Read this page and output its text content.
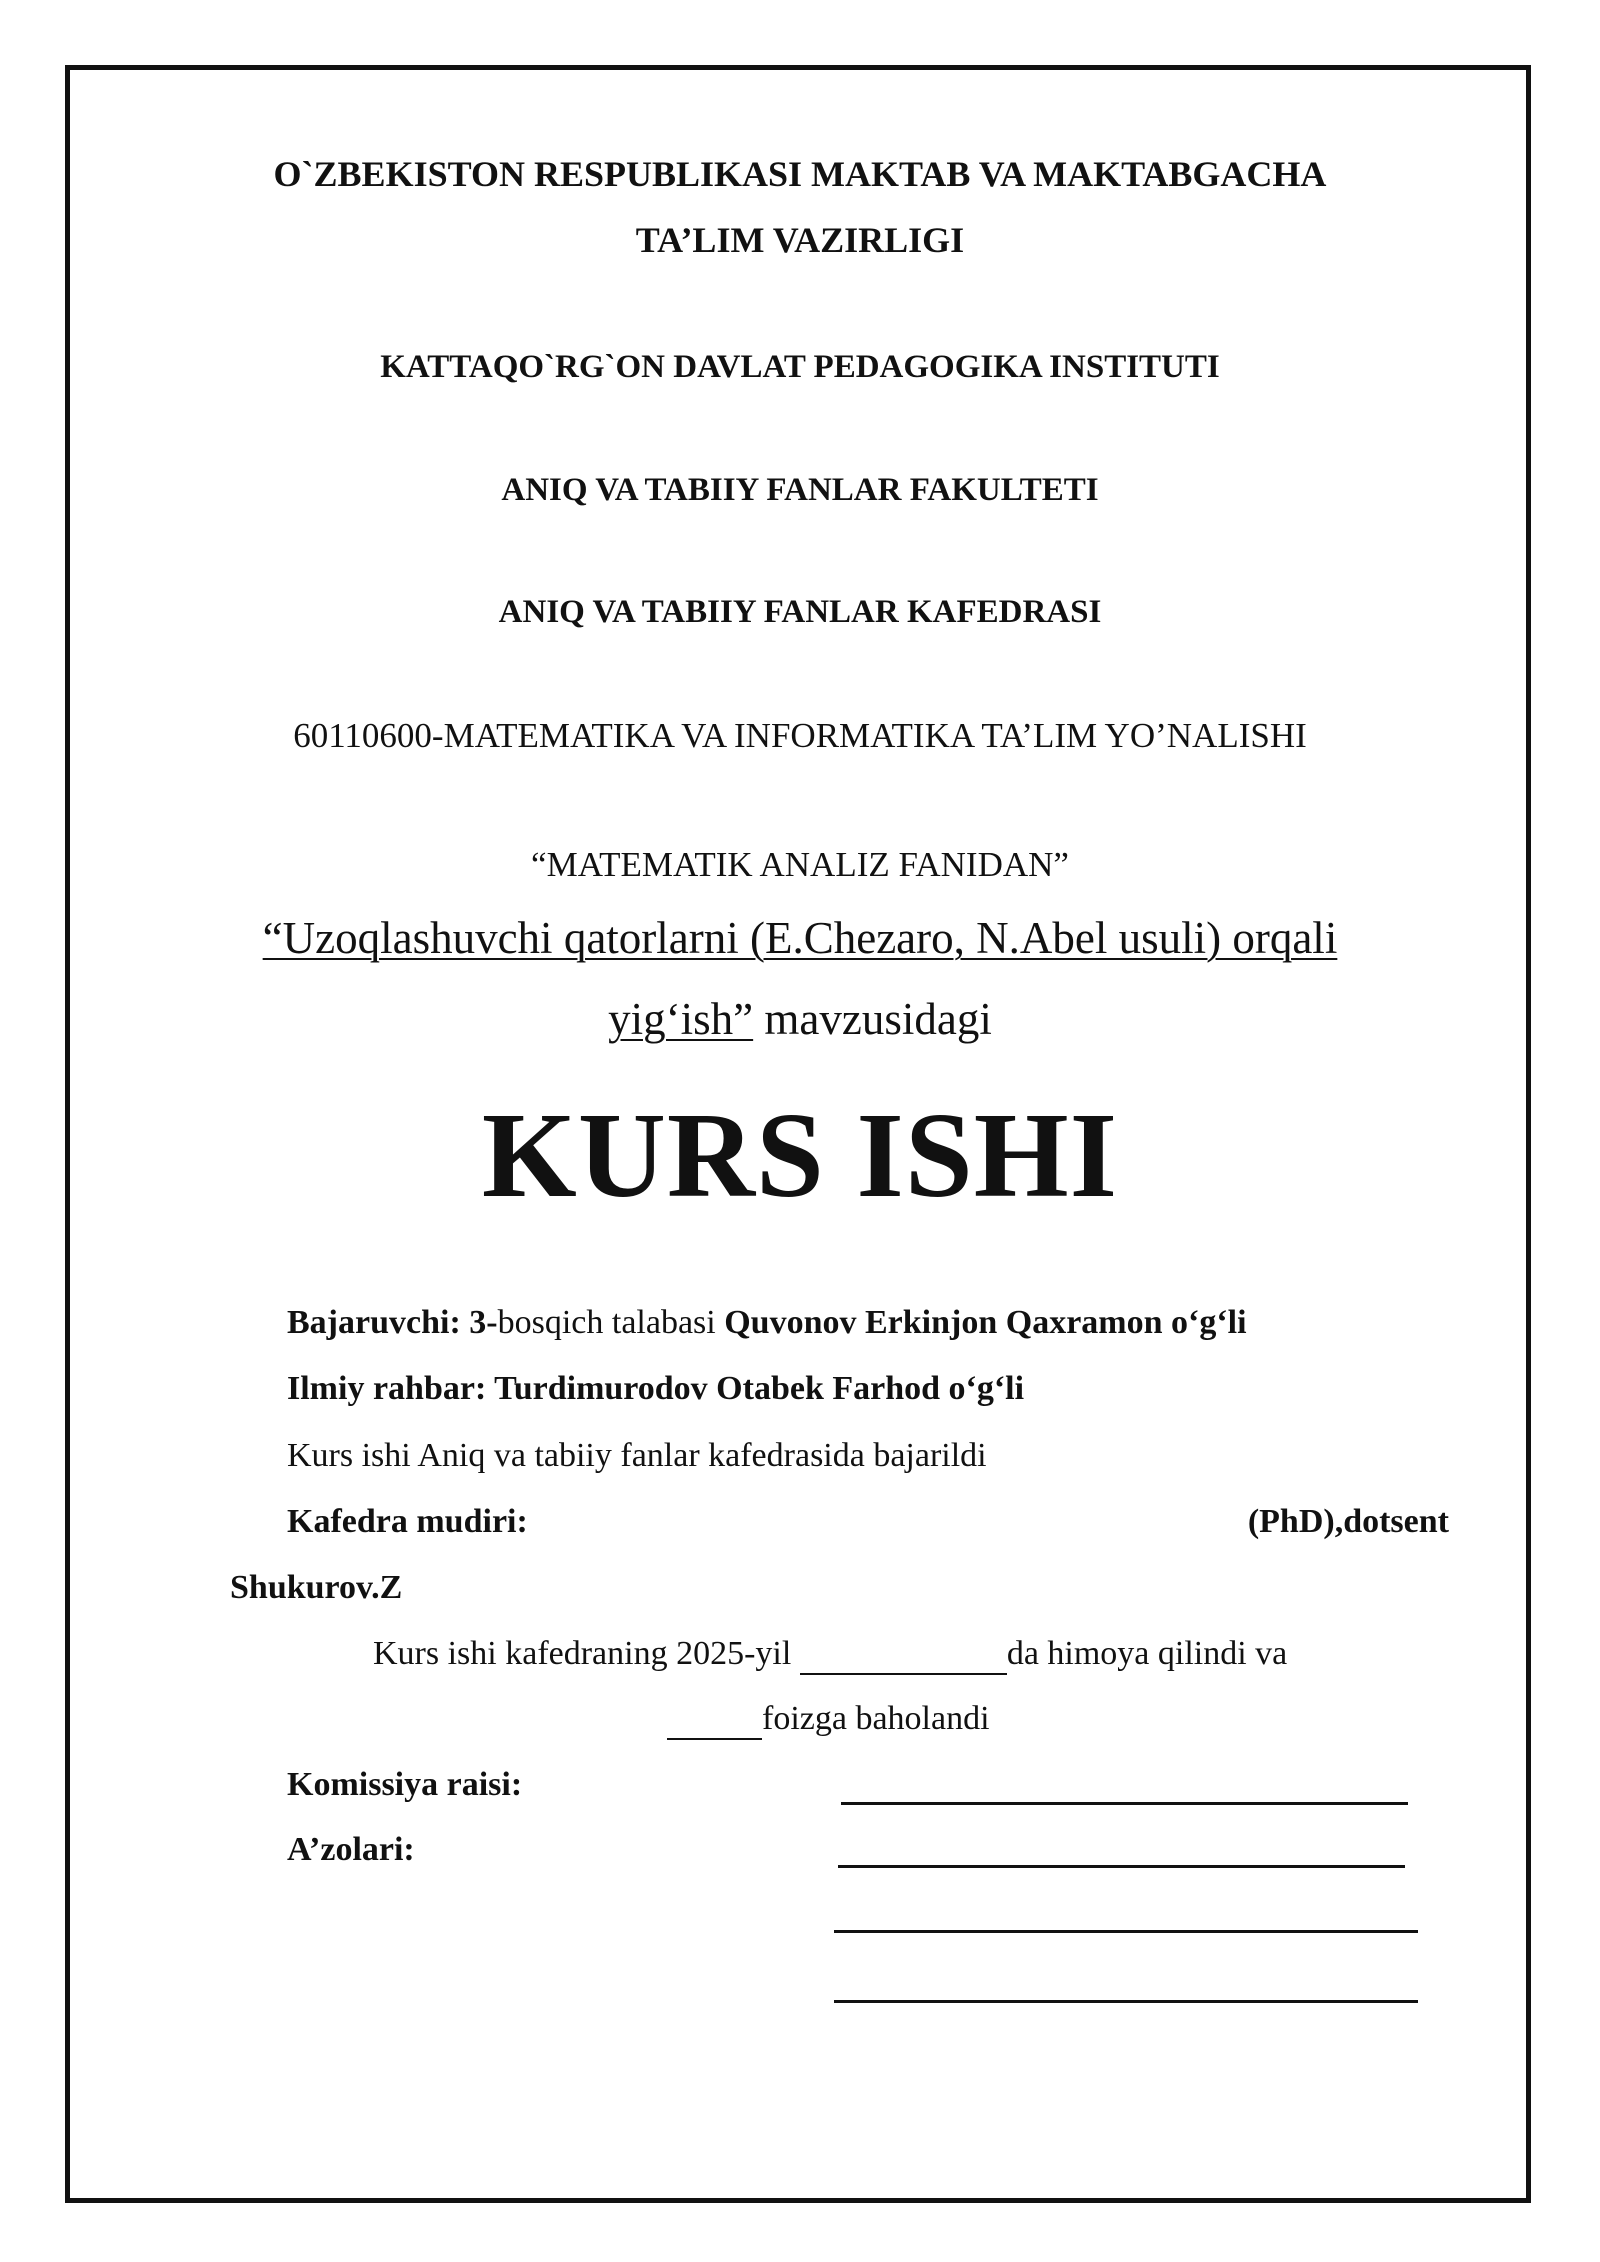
O`ZBEKISTON RESPUBLIKASI MAKTAB VA MAKTABGACHA
TA’LIM VAZIRLIGI
KATTAQO`RG`ON DAVLAT PEDAGOGIKA INSTITUTI
ANIQ VA TABIIY FANLAR FAKULTETI
ANIQ VA TABIIY FANLAR KAFEDRASI
60110600-MATEMATIKA VA INFORMATIKA TA’LIM YO’NALISHI
“MATEMATIK ANALIZ FANIDAN”
“Uzoqlashuvchi qatorlarni (E.Chezaro, N.Abel usuli) orqali
yig‘ish” mavzusidagi
KURS ISHI
Bajaruvchi: 3-bosqich talabasi Quvonov Erkinjon Qaxramon o‘g‘li
Ilmiy rahbar: Turdimurodov Otabek Farhod o‘g‘li
Kurs ishi Aniq va tabiiy fanlar kafedrasida bajarildi
Kafedra mudiri:	(PhD),dotsent
Shukurov.Z
Kurs ishi kafedraning 2025-yil	da himoya qilindi va
foizga baholandi
Komissiya raisi:
A’zolari:
